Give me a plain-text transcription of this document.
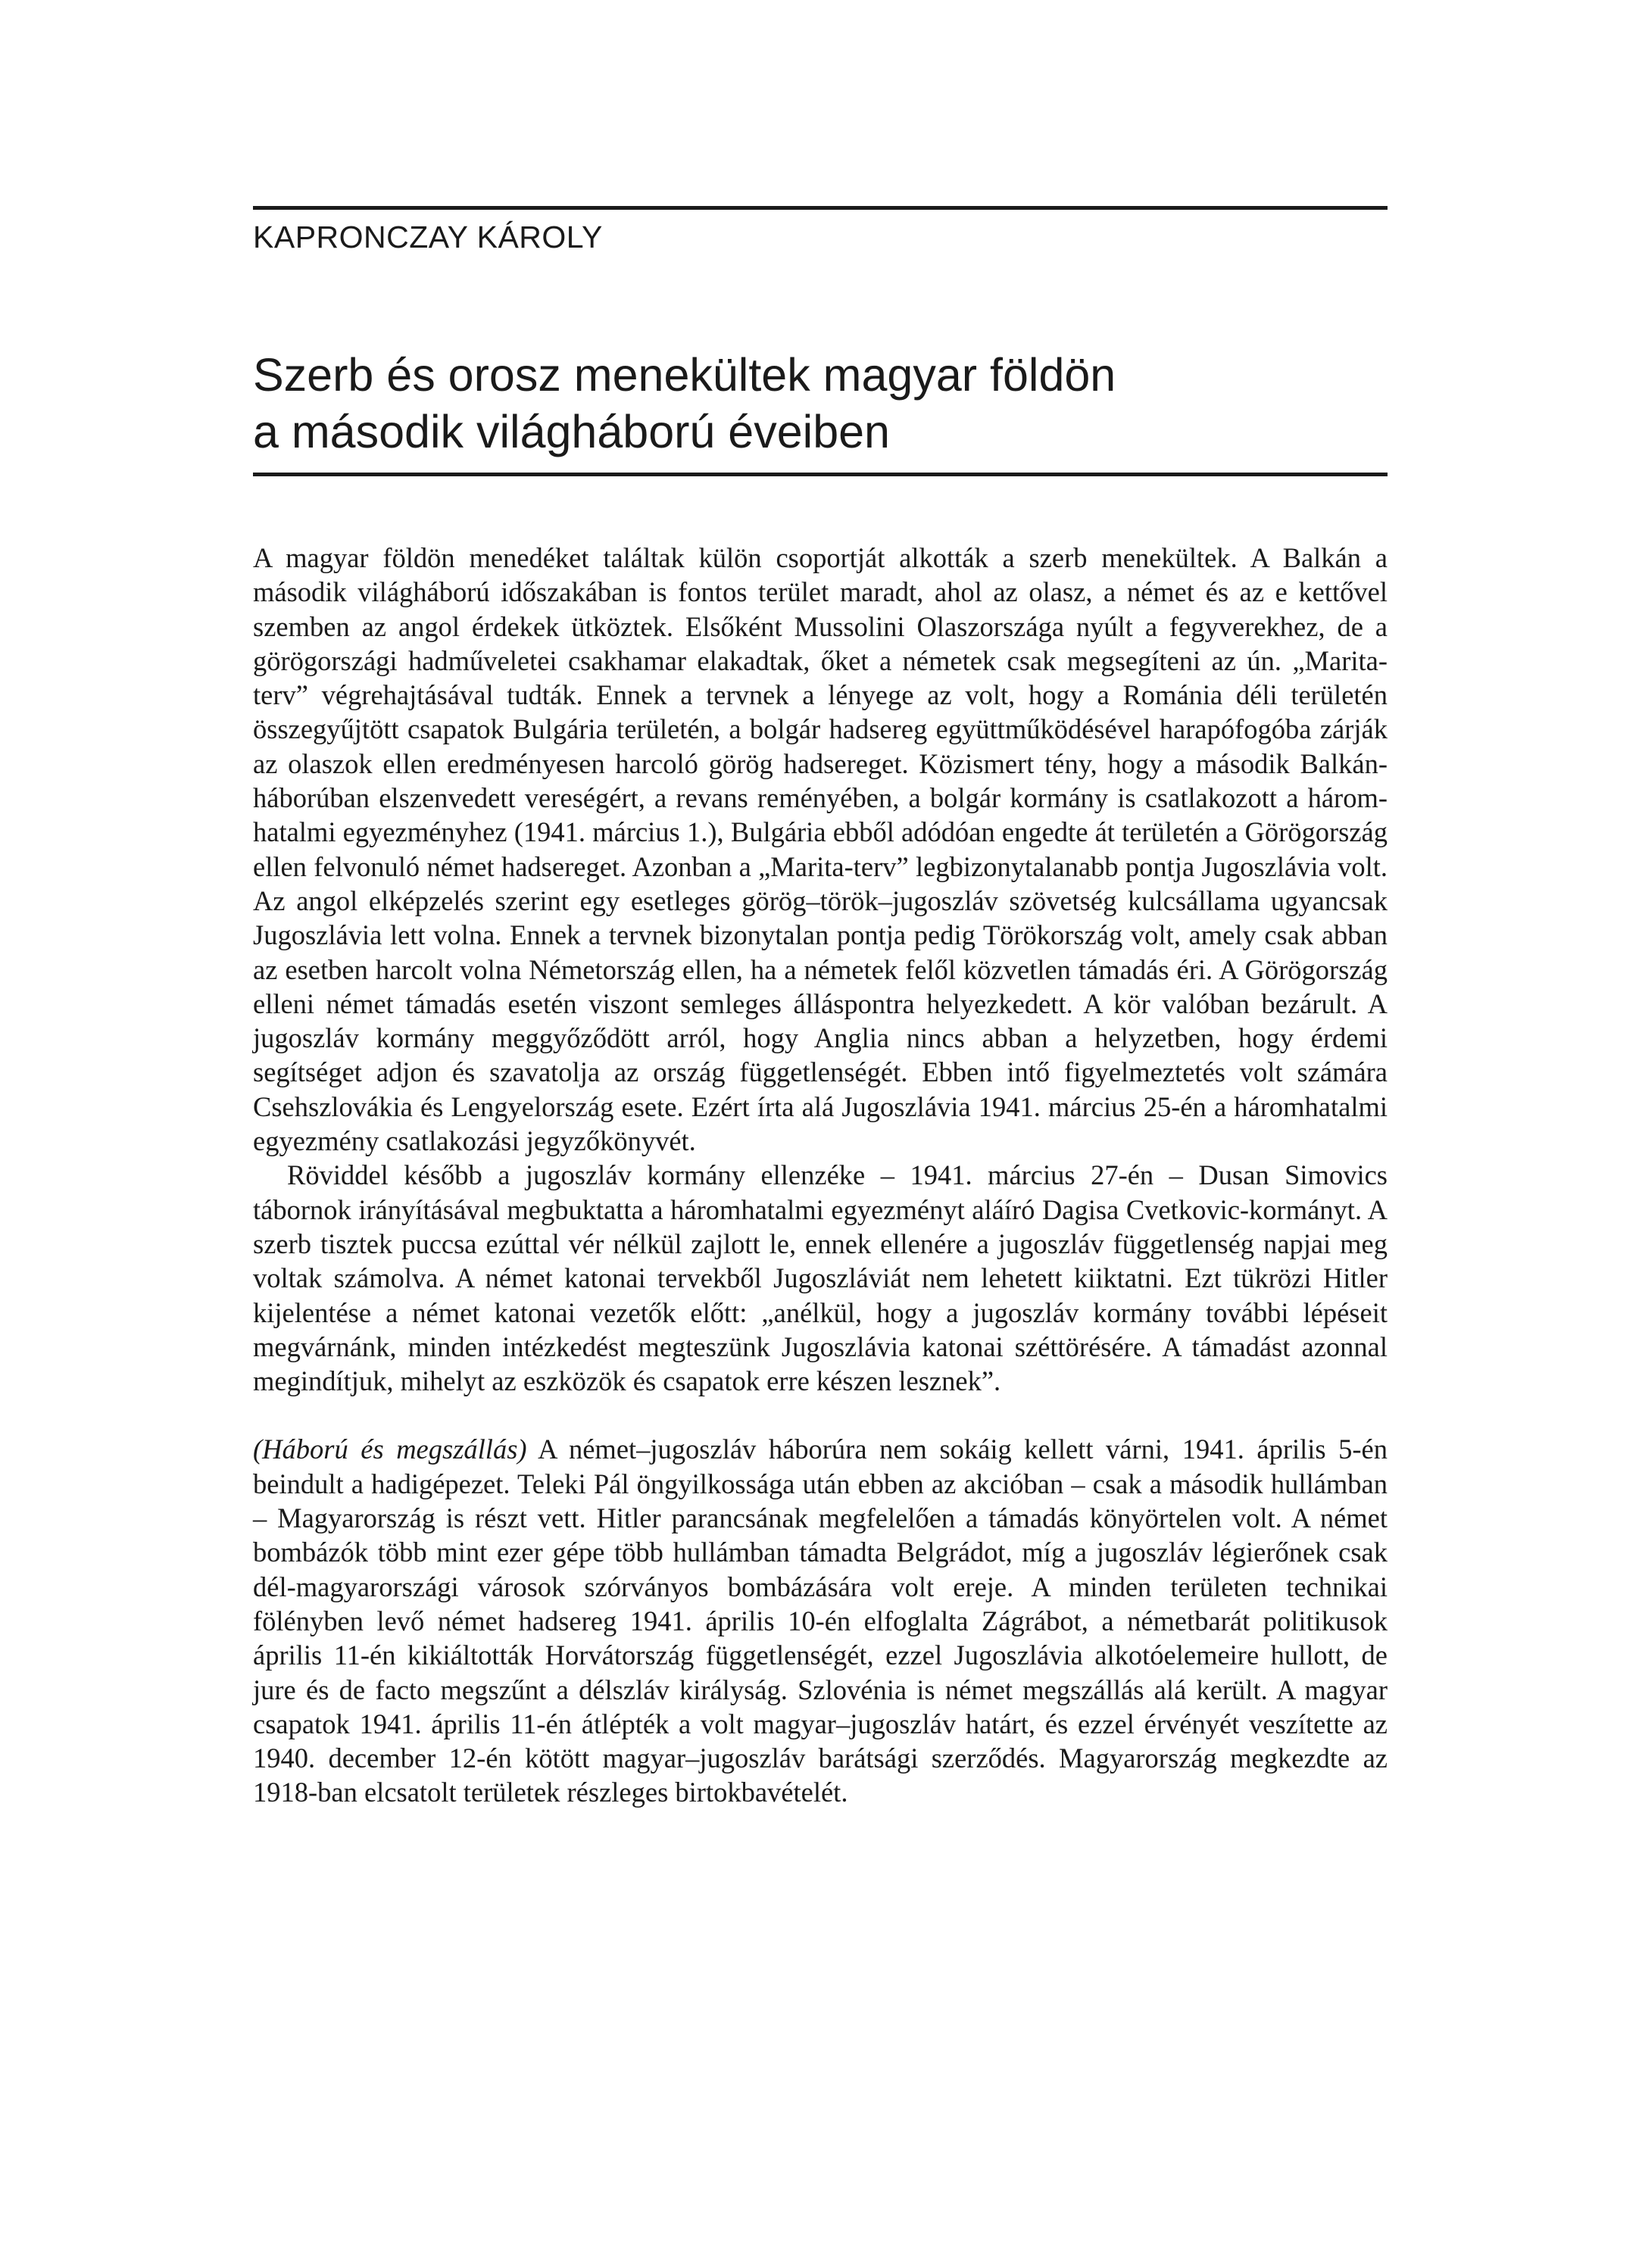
KAPRONCZAY KÁROLY

Szerb és orosz menekültek magyar földön
a második világháború éveiben

A magyar földön menedéket találtak külön csoportját alkották a szerb menekültek. A Balkán a második világháború időszakában is fontos terület maradt, ahol az olasz, a német és az e kettővel szemben az angol érdekek ütköztek. Elsőként Mussolini Olaszországa nyúlt a fegyverekhez, de a görögországi hadműveletei csakhamar elakadtak, őket a németek csak megsegíteni az ún. „Marita-terv” végrehajtásával tudták. Ennek a tervnek a lényege az volt, hogy a Románia déli területén összegyűjtött csapatok Bulgária területén, a bolgár hadsereg együttműködésével harapófogóba zárják az olaszok ellen eredményesen harcoló görög hadsereget. Közismert tény, hogy a második Balkán-háborúban elszenvedett vereségért, a revans reményében, a bolgár kormány is csatlakozott a háromhatalmi egyezményhez (1941. március 1.), Bulgária ebből adódóan engedte át területén a Görögország ellen felvonuló német hadsereget. Azonban a „Marita-terv” legbizonytalanabb pontja Jugoszlávia volt. Az angol elképzelés szerint egy esetleges görög–török–jugoszláv szövetség kulcsállama ugyancsak Jugoszlávia lett volna. Ennek a tervnek bizonytalan pontja pedig Törökország volt, amely csak abban az esetben harcolt volna Németország ellen, ha a németek felől közvetlen támadás éri. A Görögország elleni német támadás esetén viszont semleges álláspontra helyezkedett. A kör valóban bezárult. A jugoszláv kormány meggyőződött arról, hogy Anglia nincs abban a helyzetben, hogy érdemi segítséget adjon és szavatolja az ország függetlenségét. Ebben intő figyelmeztetés volt számára Csehszlovákia és Lengyelország esete. Ezért írta alá Jugoszlávia 1941. március 25-én a háromhatalmi egyezmény csatlakozási jegyzőkönyvét.

Röviddel később a jugoszláv kormány ellenzéke – 1941. március 27-én – Dusan Simovics tábornok irányításával megbuktatta a háromhatalmi egyezményt aláíró Dagisa Cvetkovic-kormányt. A szerb tisztek puccsa ezúttal vér nélkül zajlott le, ennek ellenére a jugoszláv függetlenség napjai meg voltak számolva. A német katonai tervekből Jugoszláviát nem lehetett kiiktatni. Ezt tükrözi Hitler kijelentése a német katonai vezetők előtt: „anélkül, hogy a jugoszláv kormány további lépéseit megvárnánk, minden intézkedést megteszünk Jugoszlávia katonai széttörésére. A támadást azonnal megindítjuk, mihelyt az eszközök és csapatok erre készen lesznek”.

(Háború és megszállás) A német–jugoszláv háborúra nem sokáig kellett várni, 1941. április 5-én beindult a hadigépezet. Teleki Pál öngyilkossága után ebben az akcióban – csak a második hullámban – Magyarország is részt vett. Hitler parancsának megfelelően a támadás könyörtelen volt. A német bombázók több mint ezer gépe több hullámban támadta Belgrádot, míg a jugoszláv légierőnek csak dél-magyarországi városok szórványos bombázására volt ereje. A minden területen technikai fölényben levő német hadsereg 1941. április 10-én elfoglalta Zágrábot, a németbarát politikusok április 11-én kikiáltották Horvátország függetlenségét, ezzel Jugoszlávia alkotóelemeire hullott, de jure és de facto megszűnt a délszláv királyság. Szlovénia is német megszállás alá került. A magyar csapatok 1941. április 11-én átlépték a volt magyar–jugoszláv határt, és ezzel érvényét veszítette az 1940. december 12-én kötött magyar–jugoszláv barátsági szerződés. Magyarország megkezdte az 1918-ban elcsatolt területek részleges birtokbavételét.
